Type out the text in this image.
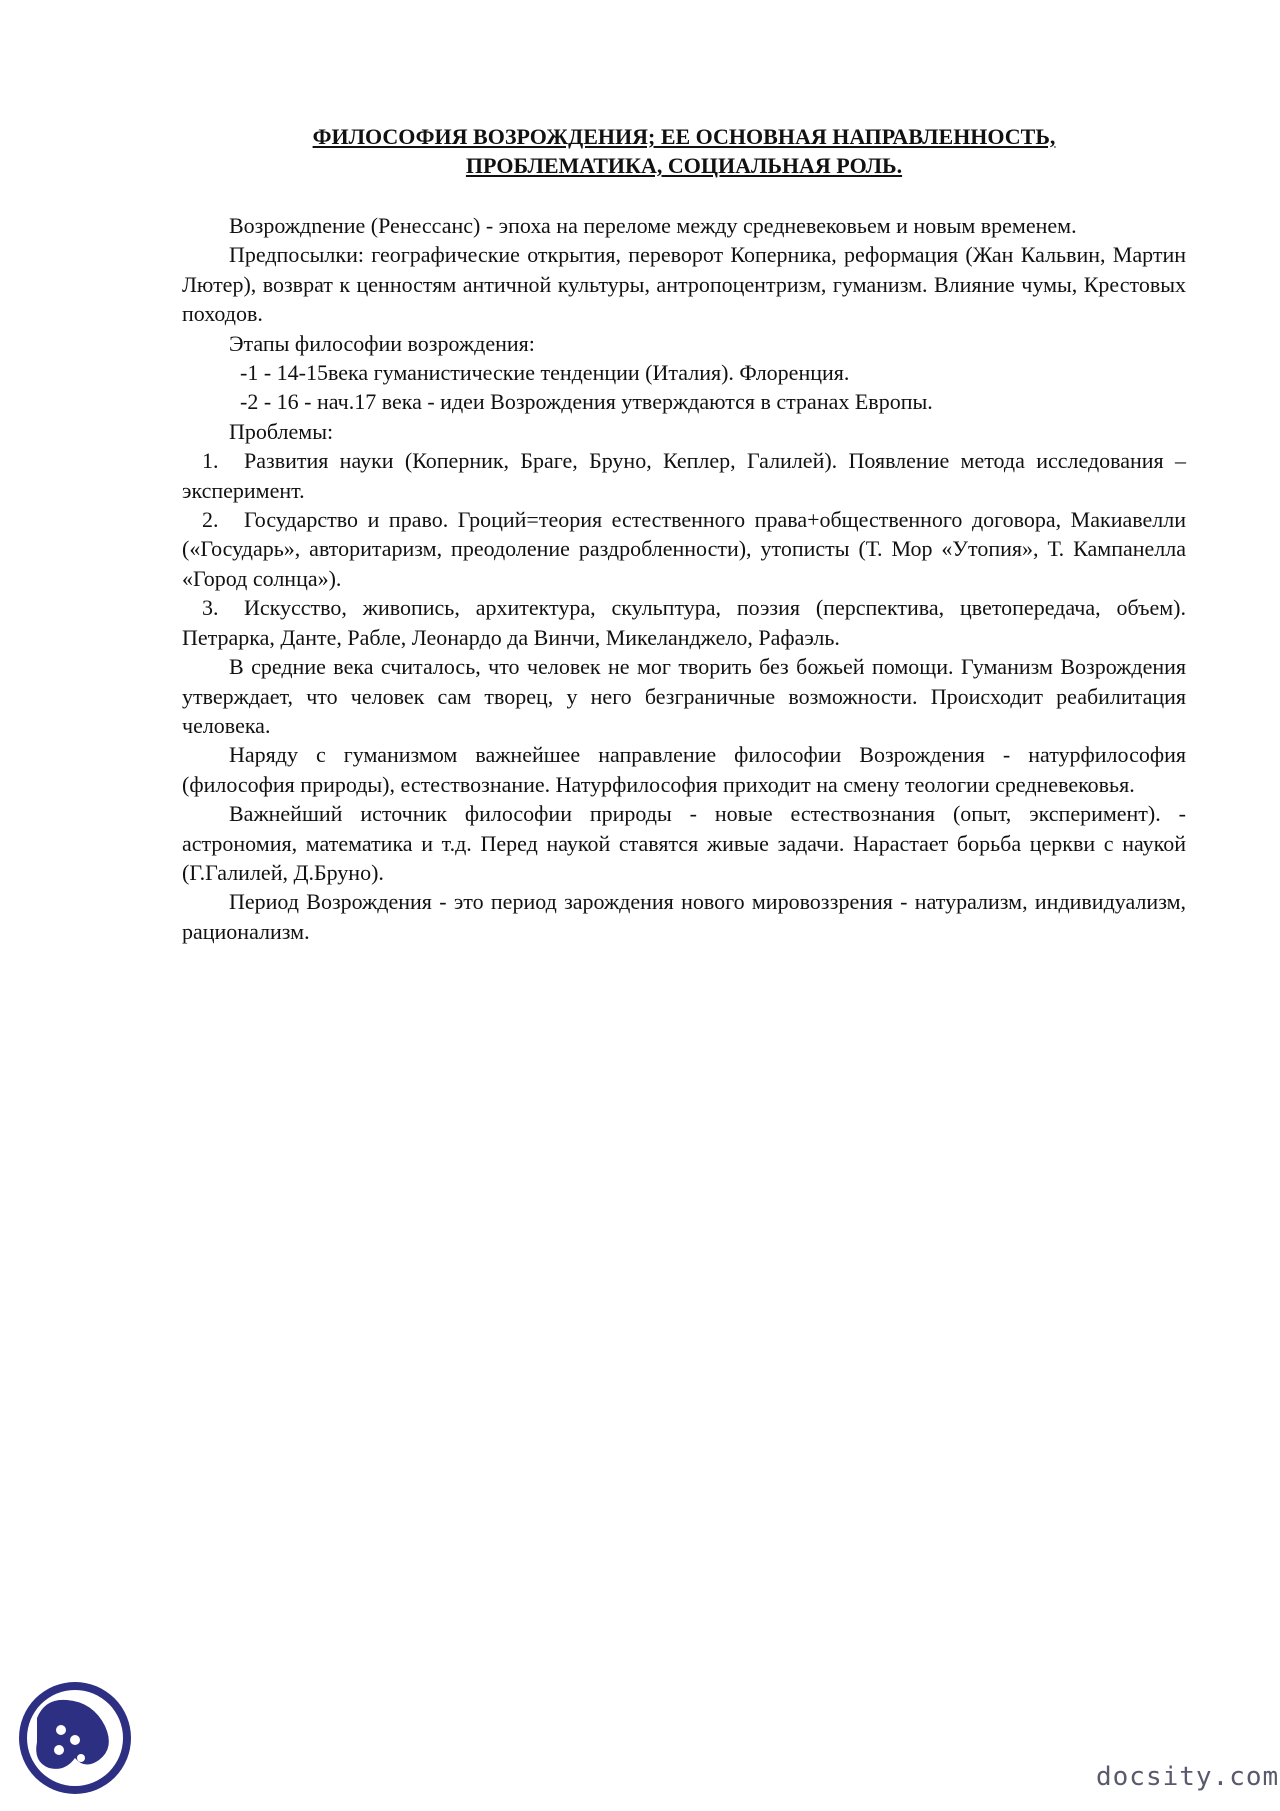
ФИЛОСОФИЯ ВОЗРОЖДЕНИЯ; ЕЕ ОСНОВНАЯ НАПРАВЛЕННОСТЬ,
ПРОБЛЕМАТИКА, СОЦИАЛЬНАЯ РОЛЬ.

Возрождnение (Ренессанс) - эпоха на переломе между средневековьем и новым временем.

Предпосылки: географические открытия, переворот Коперника, реформация (Жан Кальвин, Мартин Лютер), возврат к ценностям античной культуры, антропоцентризм, гуманизм. Влияние чумы, Крестовых походов.

Этапы философии возрождения:

-1 - 14-15века гуманистические тенденции (Италия). Флоренция.

-2 - 16 - нач.17 века - идеи Возрождения утверждаются в странах Европы.

Проблемы:

1. Развития науки (Коперник, Браге, Бруно, Кеплер, Галилей). Появление метода исследования – эксперимент.

2. Государство и право. Гроций=теория естественного права+общественного договора, Макиавелли («Государь», авторитаризм, преодоление раздробленности), утописты (Т. Мор «Утопия», Т. Кампанелла «Город солнца»).

3. Искусство, живопись, архитектура, скульптура, поэзия (перспектива, цветопередача, объем). Петрарка, Данте, Рабле, Леонардо да Винчи, Микеланджело, Рафаэль.

В средние века считалось, что человек не мог творить без божьей помощи. Гуманизм Возрождения утверждает, что человек сам творец, у него безграничные возможности. Происходит реабилитация человека.

Наряду с гуманизмом важнейшее направление философии Возрождения - натурфилософия (философия природы), естествознание. Натурфилософия приходит на смену теологии средневековья.

Важнейший источник философии природы - новые естествознания (опыт, эксперимент). - астрономия, математика и т.д. Перед наукой ставятся живые задачи. Нарастает борьба церкви с наукой (Г.Галилей, Д.Бруно).

Период Возрождения - это период зарождения нового мировоззрения - натурализм, индивидуализм, рационализм.

docsity.com
